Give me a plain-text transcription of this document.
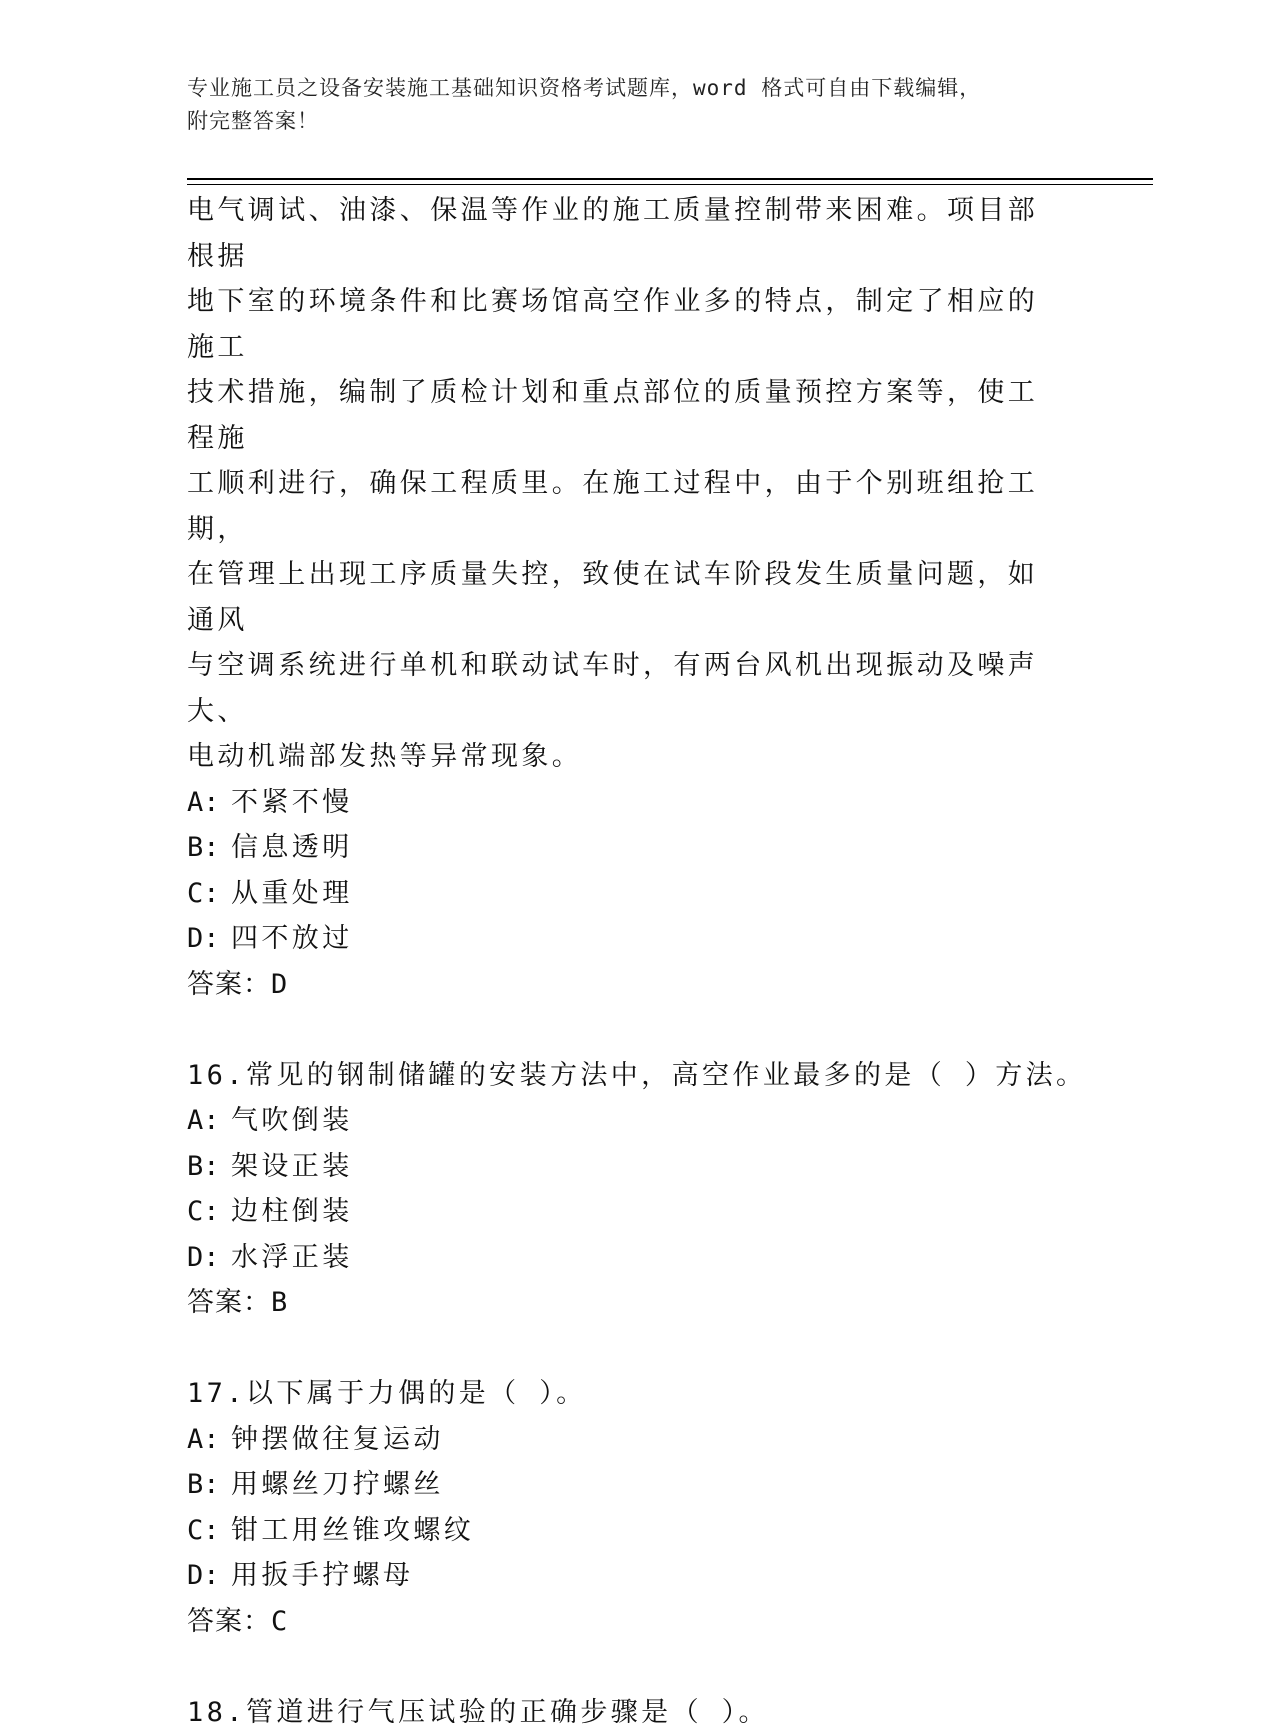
专业施工员之设备安装施工基础知识资格考试题库，word 格式可自由下载编辑，
附完整答案！

电气调试、油漆、保温等作业的施工质量控制带来困难。项目部根据

地下室的环境条件和比赛场馆高空作业多的特点，制定了相应的施工

技术措施，编制了质检计划和重点部位的质量预控方案等，使工程施

工顺利进行，确保工程质里。在施工过程中，由于个别班组抢工期，

在管理上出现工序质量失控，致使在试车阶段发生质量问题，如通风

与空调系统进行单机和联动试车时，有两台风机出现振动及噪声大、

电动机端部发热等异常现象。

A: 不紧不慢

B: 信息透明

C: 从重处理

D: 四不放过

答案：D

16.常见的钢制储罐的安装方法中，高空作业最多的是（ ）方法。

A: 气吹倒装

B: 架设正装

C: 边柱倒装

D: 水浮正装

答案：B

17.以下属于力偶的是（ ）。

A: 钟摆做往复运动

B: 用螺丝刀拧螺丝

C: 钳工用丝锥攻螺纹

D: 用扳手拧螺母

答案：C

18.管道进行气压试验的正确步骤是（ ）。
